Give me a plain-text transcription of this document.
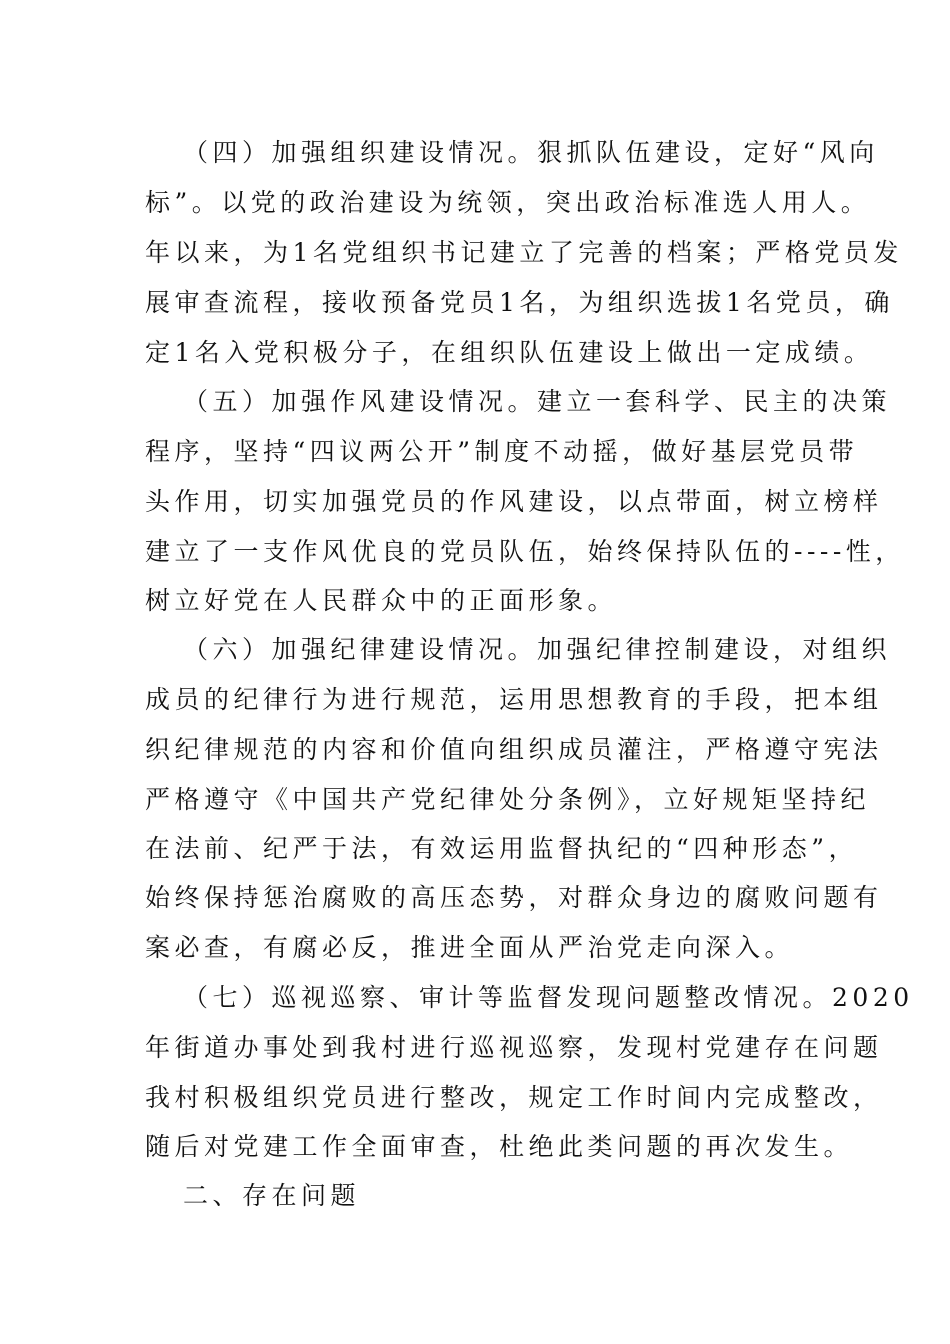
（四）加强组织建设情况。狠抓队伍建设，定好“风向
标”。以党的政治建设为统领，突出政治标准选人用人。
年以来，为1名党组织书记建立了完善的档案；严格党员发
展审查流程，接收预备党员1名，为组织选拔1名党员，确
定1名入党积极分子，在组织队伍建设上做出一定成绩。
（五）加强作风建设情况。建立一套科学、民主的决策
程序，坚持“四议两公开”制度不动摇，做好基层党员带
头作用，切实加强党员的作风建设，以点带面，树立榜样
建立了一支作风优良的党员队伍，始终保持队伍的----性，
树立好党在人民群众中的正面形象。
（六）加强纪律建设情况。加强纪律控制建设，对组织
成员的纪律行为进行规范，运用思想教育的手段，把本组
织纪律规范的内容和价值向组织成员灌注，严格遵守宪法
严格遵守《中国共产党纪律处分条例》，立好规矩坚持纪
在法前、纪严于法，有效运用监督执纪的“四种形态”，
始终保持惩治腐败的高压态势，对群众身边的腐败问题有
案必查，有腐必反，推进全面从严治党走向深入。
（七）巡视巡察、审计等监督发现问题整改情况。2020
年街道办事处到我村进行巡视巡察，发现村党建存在问题
我村积极组织党员进行整改，规定工作时间内完成整改，
随后对党建工作全面审查，杜绝此类问题的再次发生。
二、存在问题
